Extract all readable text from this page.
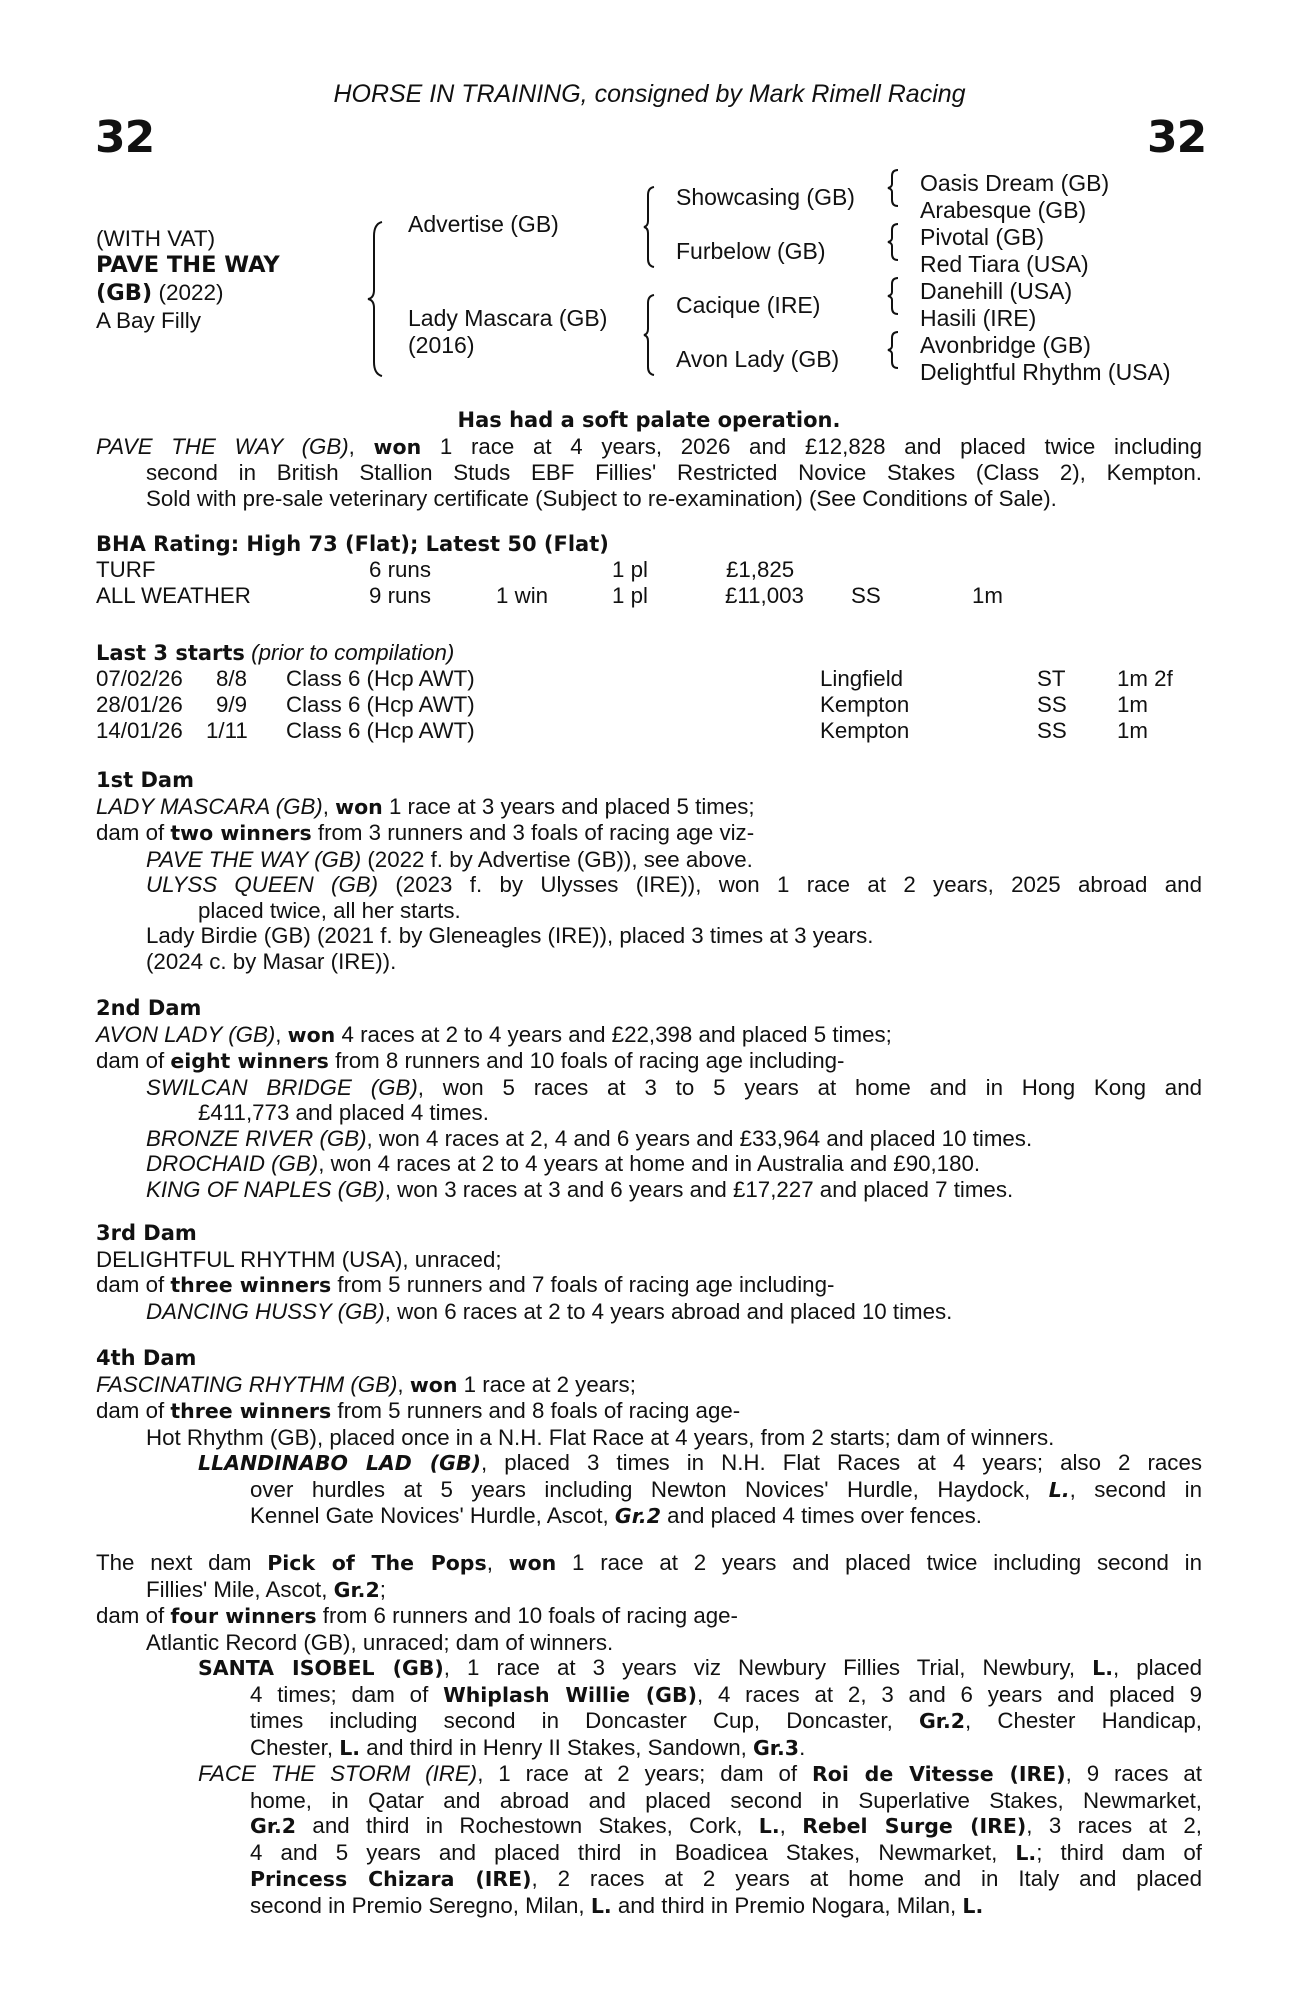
HORSE IN TRAINING, consigned by Mark Rimell Racing
32	32
(WITH VAT)
PAVE THE WAY
(GB) (2022)
A Bay Filly
Advertise (GB)
Lady Mascara (GB)
(2016)
Showcasing (GB)
Furbelow (GB)
Cacique (IRE)
Avon Lady (GB)
Oasis Dream (GB)
Arabesque (GB)
Pivotal (GB)
Red Tiara (USA)
Danehill (USA)
Hasili (IRE)
Avonbridge (GB)
Delightful Rhythm (USA)
Has had a soft palate operation.
PAVE THE WAY (GB), won 1 race at 4 years, 2026 and £12,828 and placed twice including
second in British Stallion Studs EBF Fillies' Restricted Novice Stakes (Class 2), Kempton.
Sold with pre-sale veterinary certificate (Subject to re-examination) (See Conditions of Sale).
BHA Rating: High 73 (Flat); Latest 50 (Flat)
TURF	6 runs	1 pl	£1,825
ALL WEATHER	9 runs	1 win	1 pl	£11,003 SS	1m
Last 3 starts (prior to compilation)
07/02/26 8/8 Class 6 (Hcp AWT)	Lingfield	ST 1m 2f
28/01/26 9/9 Class 6 (Hcp AWT)	Kempton	SS 1m
14/01/26 1/11 Class 6 (Hcp AWT)	Kempton	SS 1m
1st Dam
LADY MASCARA (GB), won 1 race at 3 years and placed 5 times;
dam of two winners from 3 runners and 3 foals of racing age viz-
PAVE THE WAY (GB) (2022 f. by Advertise (GB)), see above.
ULYSS QUEEN (GB) (2023 f. by Ulysses (IRE)), won 1 race at 2 years, 2025 abroad and
placed twice, all her starts.
Lady Birdie (GB) (2021 f. by Gleneagles (IRE)), placed 3 times at 3 years.
(2024 c. by Masar (IRE)).
2nd Dam
AVON LADY (GB), won 4 races at 2 to 4 years and £22,398 and placed 5 times;
dam of eight winners from 8 runners and 10 foals of racing age including-
SWILCAN BRIDGE (GB), won 5 races at 3 to 5 years at home and in Hong Kong and
£411,773 and placed 4 times.
BRONZE RIVER (GB), won 4 races at 2, 4 and 6 years and £33,964 and placed 10 times.
DROCHAID (GB), won 4 races at 2 to 4 years at home and in Australia and £90,180.
KING OF NAPLES (GB), won 3 races at 3 and 6 years and £17,227 and placed 7 times.
3rd Dam
DELIGHTFUL RHYTHM (USA), unraced;
dam of three winners from 5 runners and 7 foals of racing age including-
DANCING HUSSY (GB), won 6 races at 2 to 4 years abroad and placed 10 times.
4th Dam
FASCINATING RHYTHM (GB), won 1 race at 2 years;
dam of three winners from 5 runners and 8 foals of racing age-
Hot Rhythm (GB), placed once in a N.H. Flat Race at 4 years, from 2 starts; dam of winners.
LLANDINABO LAD (GB), placed 3 times in N.H. Flat Races at 4 years; also 2 races
over hurdles at 5 years including Newton Novices' Hurdle, Haydock, L., second in
Kennel Gate Novices' Hurdle, Ascot, Gr.2 and placed 4 times over fences.
The next dam Pick of The Pops, won 1 race at 2 years and placed twice including second in
Fillies' Mile, Ascot, Gr.2;
dam of four winners from 6 runners and 10 foals of racing age-
Atlantic Record (GB), unraced; dam of winners.
SANTA ISOBEL (GB), 1 race at 3 years viz Newbury Fillies Trial, Newbury, L., placed
4 times; dam of Whiplash Willie (GB), 4 races at 2, 3 and 6 years and placed 9
times including second in Doncaster Cup, Doncaster, Gr.2, Chester Handicap,
Chester, L. and third in Henry II Stakes, Sandown, Gr.3.
FACE THE STORM (IRE), 1 race at 2 years; dam of Roi de Vitesse (IRE), 9 races at
home, in Qatar and abroad and placed second in Superlative Stakes, Newmarket,
Gr.2 and third in Rochestown Stakes, Cork, L., Rebel Surge (IRE), 3 races at 2,
4 and 5 years and placed third in Boadicea Stakes, Newmarket, L.; third dam of
Princess Chizara (IRE), 2 races at 2 years at home and in Italy and placed
second in Premio Seregno, Milan, L. and third in Premio Nogara, Milan, L.
